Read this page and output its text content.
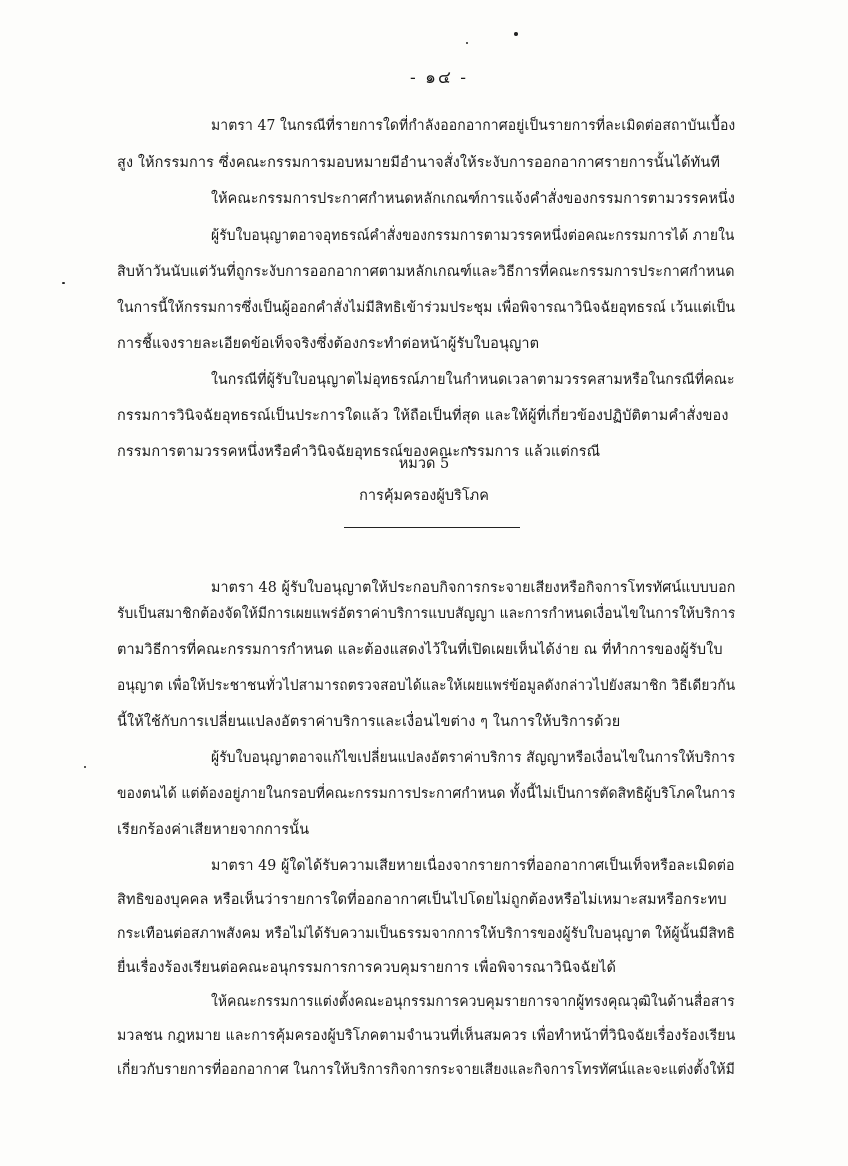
- ๑๔ -
มาตรา 47 ในกรณีที่รายการใดที่กำลังออกอากาศอยู่เป็นรายการที่ละเมิดต่อสถาบันเบื้อง
สูง ให้กรรมการ ซึ่งคณะกรรมการมอบหมายมีอำนาจสั่งให้ระงับการออกอากาศรายการนั้นได้ทันที
ให้คณะกรรมการประกาศกำหนดหลักเกณฑ์การแจ้งคำสั่งของกรรมการตามวรรคหนึ่ง
ผู้รับใบอนุญาตอาจอุทธรณ์คำสั่งของกรรมการตามวรรคหนึ่งต่อคณะกรรมการได้ ภายใน
สิบห้าวันนับแต่วันที่ถูกระงับการออกอากาศตามหลักเกณฑ์และวิธีการที่คณะกรรมการประกาศกำหนด
ในการนี้ให้กรรมการซึ่งเป็นผู้ออกคำสั่งไม่มีสิทธิเข้าร่วมประชุม เพื่อพิจารณาวินิจฉัยอุทธรณ์ เว้นแต่เป็น
การชี้แจงรายละเอียดข้อเท็จจริงซึ่งต้องกระทำต่อหน้าผู้รับใบอนุญาต
ในกรณีที่ผู้รับใบอนุญาตไม่อุทธรณ์ภายในกำหนดเวลาตามวรรคสามหรือในกรณีที่คณะ
กรรมการวินิจฉัยอุทธรณ์เป็นประการใดแล้ว ให้ถือเป็นที่สุด และให้ผู้ที่เกี่ยวข้องปฏิบัติตามคำสั่งของ
กรรมการตามวรรคหนึ่งหรือคำวินิจฉัยอุทธรณ์ของคณะกรรมการ แล้วแต่กรณี
หมวด 5
การคุ้มครองผู้บริโภค
มาตรา 48 ผู้รับใบอนุญาตให้ประกอบกิจการกระจายเสียงหรือกิจการโทรทัศน์แบบบอก
รับเป็นสมาชิกต้องจัดให้มีการเผยแพร่อัตราค่าบริการแบบสัญญา และการกำหนดเงื่อนไขในการให้บริการ
ตามวิธีการที่คณะกรรมการกำหนด และต้องแสดงไว้ในที่เปิดเผยเห็นได้ง่าย ณ ที่ทำการของผู้รับใบ
อนุญาต เพื่อให้ประชาชนทั่วไปสามารถตรวจสอบได้และให้เผยแพร่ข้อมูลดังกล่าวไปยังสมาชิก วิธีเดียวกัน
นี้ให้ใช้กับการเปลี่ยนแปลงอัตราค่าบริการและเงื่อนไขต่าง ๆ ในการให้บริการด้วย
ผู้รับใบอนุญาตอาจแก้ไขเปลี่ยนแปลงอัตราค่าบริการ สัญญาหรือเงื่อนไขในการให้บริการ
ของตนได้ แต่ต้องอยู่ภายในกรอบที่คณะกรรมการประกาศกำหนด ทั้งนี้ไม่เป็นการตัดสิทธิผู้บริโภคในการ
เรียกร้องค่าเสียหายจากการนั้น
มาตรา 49 ผู้ใดได้รับความเสียหายเนื่องจากรายการที่ออกอากาศเป็นเท็จหรือละเมิดต่อ
สิทธิของบุคคล หรือเห็นว่ารายการใดที่ออกอากาศเป็นไปโดยไม่ถูกต้องหรือไม่เหมาะสมหรือกระทบ
กระเทือนต่อสภาพสังคม หรือไม่ได้รับความเป็นธรรมจากการให้บริการของผู้รับใบอนุญาต ให้ผู้นั้นมีสิทธิ
ยื่นเรื่องร้องเรียนต่อคณะอนุกรรมการการควบคุมรายการ เพื่อพิจารณาวินิจฉัยได้
ให้คณะกรรมการแต่งตั้งคณะอนุกรรมการควบคุมรายการจากผู้ทรงคุณวุฒิในด้านสื่อสาร
มวลชน กฎหมาย และการคุ้มครองผู้บริโภคตามจำนวนที่เห็นสมควร เพื่อทำหน้าที่วินิจฉัยเรื่องร้องเรียน
เกี่ยวกับรายการที่ออกอากาศ ในการให้บริการกิจการกระจายเสียงและกิจการโทรทัศน์และจะแต่งตั้งให้มี
